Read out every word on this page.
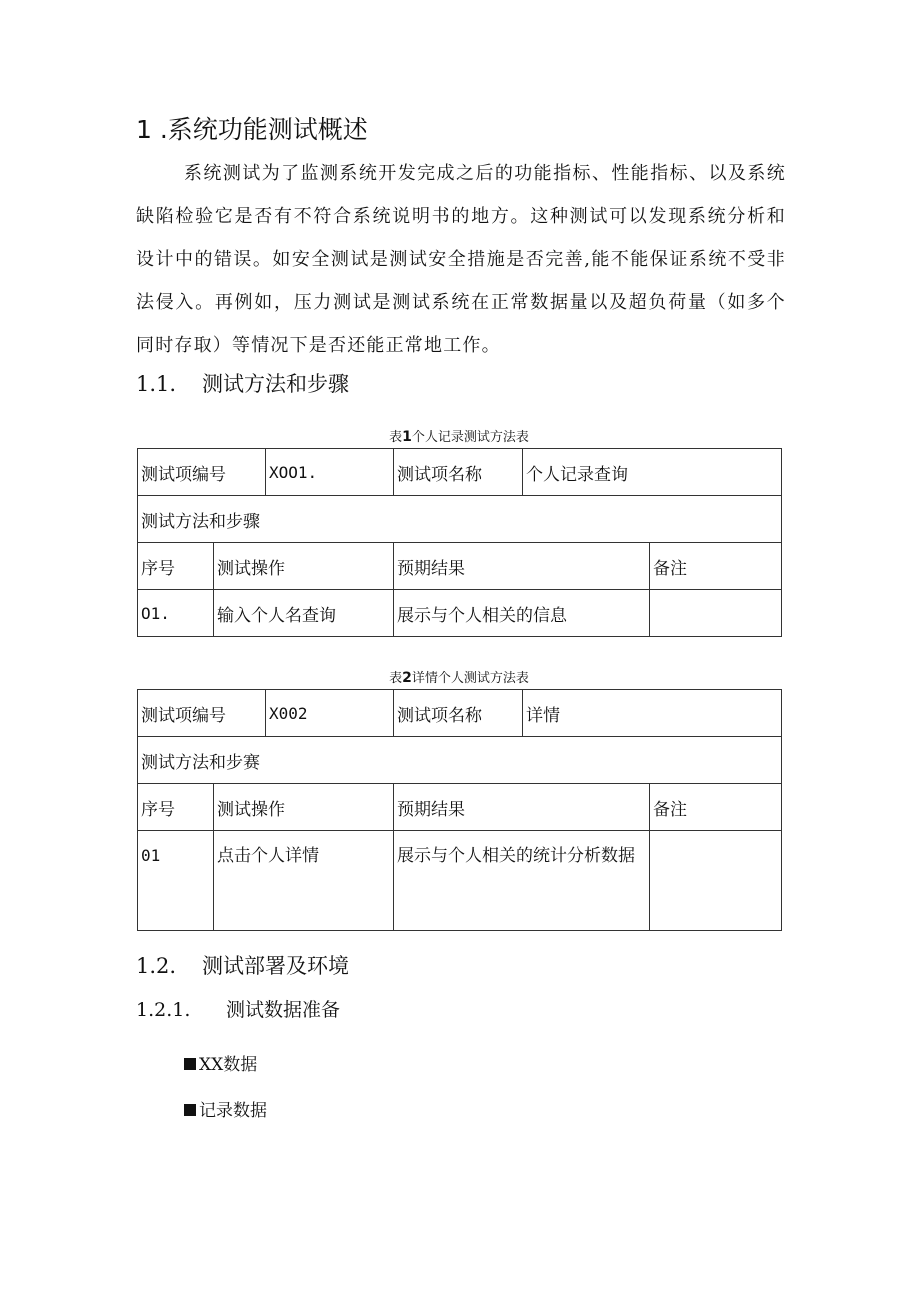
1 .系统功能测试概述
系统测试为了监测系统开发完成之后的功能指标、性能指标、以及系统缺陷检验它是否有不符合系统说明书的地方。这种测试可以发现系统分析和设计中的错误。如安全测试是测试安全措施是否完善,能不能保证系统不受非法侵入。再例如，压力测试是测试系统在正常数据量以及超负荷量（如多个同时存取）等情况下是否还能正常地工作。
1.1. 测试方法和步骤
表1个人记录测试方法表
测试项编号		XOO1.	测试项名称	个人记录查询	
测试方法和步骤					
序号	测试操作		预期结果		备注
O1.	输入个人名查询		展示与个人相关的信息		
表2详情个人测试方法表
测试项编号		X002	测试项名称	详情	
测试方法和步赛					
序号	测试操作		预期结果		备注
01	点击个人详情		展示与个人相关的统计分析数据		
1.2. 测试部署及环境
1.2.1. 测试数据准备
XX数据
记录数据
